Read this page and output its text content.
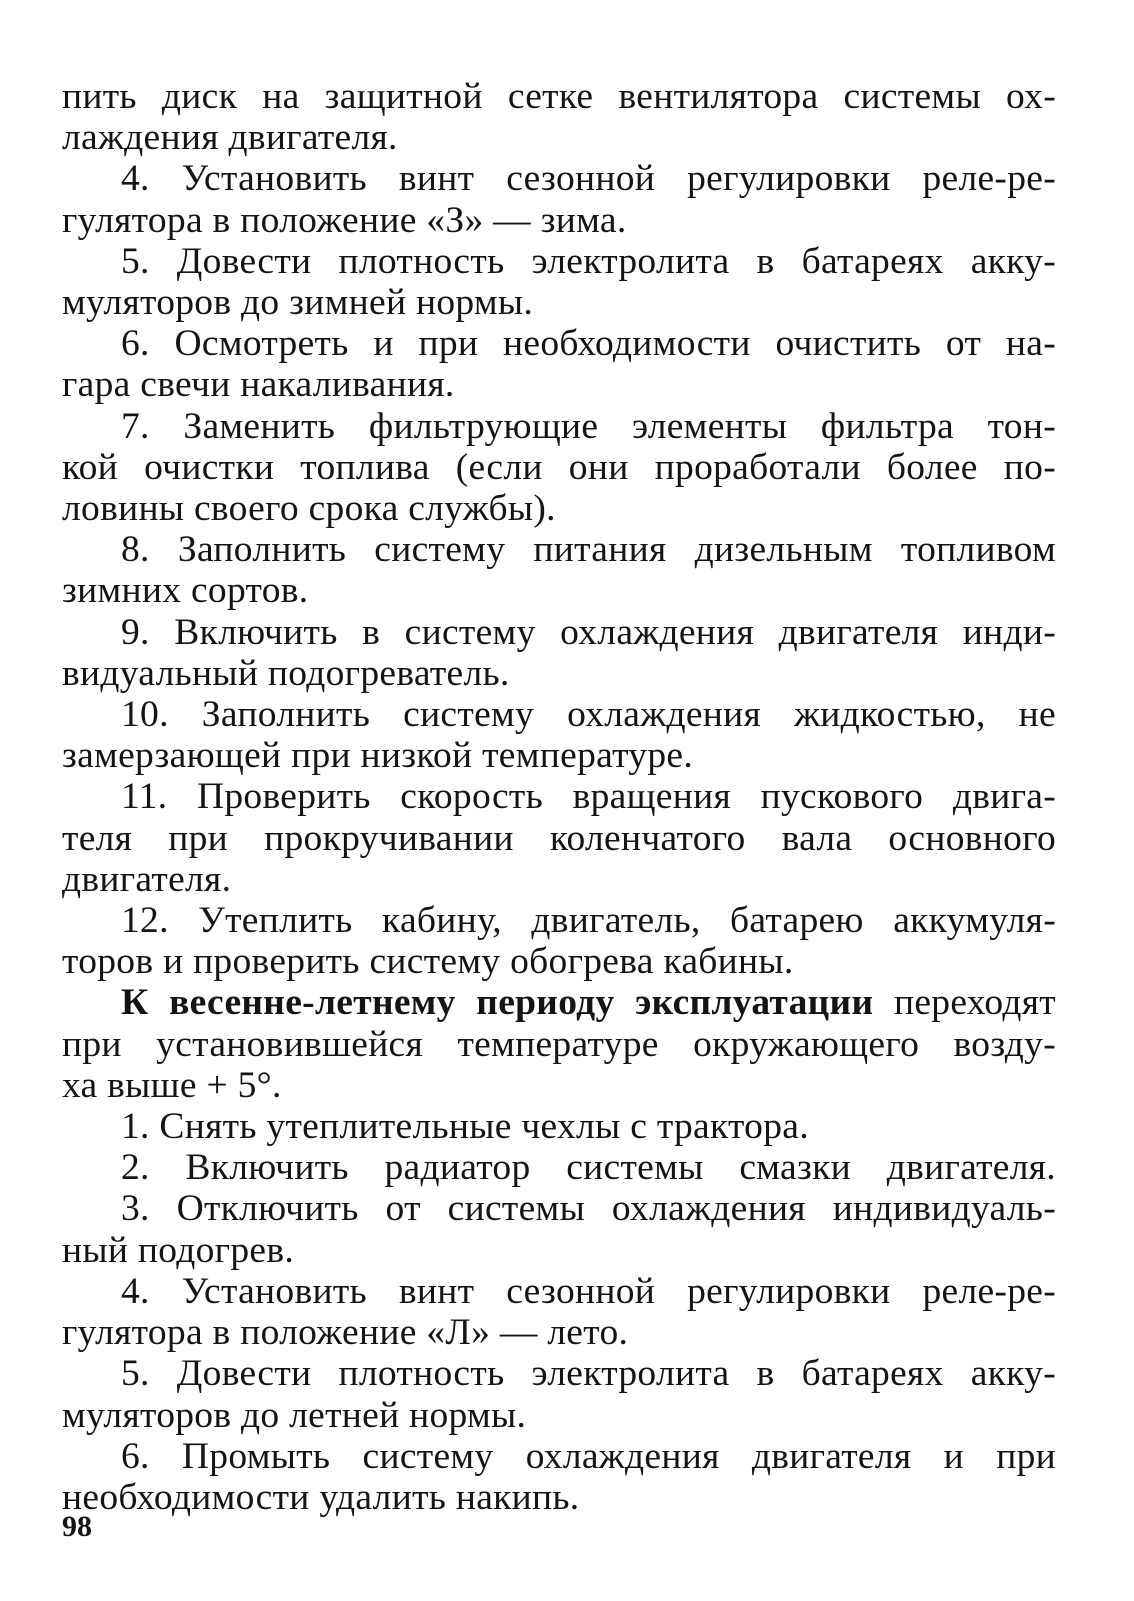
пить диск на защитной сетке вентилятора системы ох-
лаждения двигателя.
4. Установить винт сезонной регулировки реле-ре-
гулятора в положение «З» — зима.
5. Довести плотность электролита в батареях акку-
муляторов до зимней нормы.
6. Осмотреть и при необходимости очистить от на-
гара свечи накаливания.
7. Заменить фильтрующие элементы фильтра тон-
кой очистки топлива (если они проработали более по-
ловины своего срока службы).
8. Заполнить систему питания дизельным топливом
зимних сортов.
9. Включить в систему охлаждения двигателя инди-
видуальный подогреватель.
10. Заполнить систему охлаждения жидкостью, не
замерзающей при низкой температуре.
11. Проверить скорость вращения пускового двига-
теля при прокручивании коленчатого вала основного
двигателя.
12. Утеплить кабину, двигатель, батарею аккумуля-
торов и проверить систему обогрева кабины.
К весенне-летнему периоду эксплуатации переходят
при установившейся температуре окружающего возду-
ха выше + 5°.
1. Снять утеплительные чехлы с трактора.
2. Включить радиатор системы смазки двигателя.
3. Отключить от системы охлаждения индивидуаль-
ный подогрев.
4. Установить винт сезонной регулировки реле-ре-
гулятора в положение «Л» — лето.
5. Довести плотность электролита в батареях акку-
муляторов до летней нормы.
6. Промыть систему охлаждения двигателя и при
необходимости удалить накипь.
98
